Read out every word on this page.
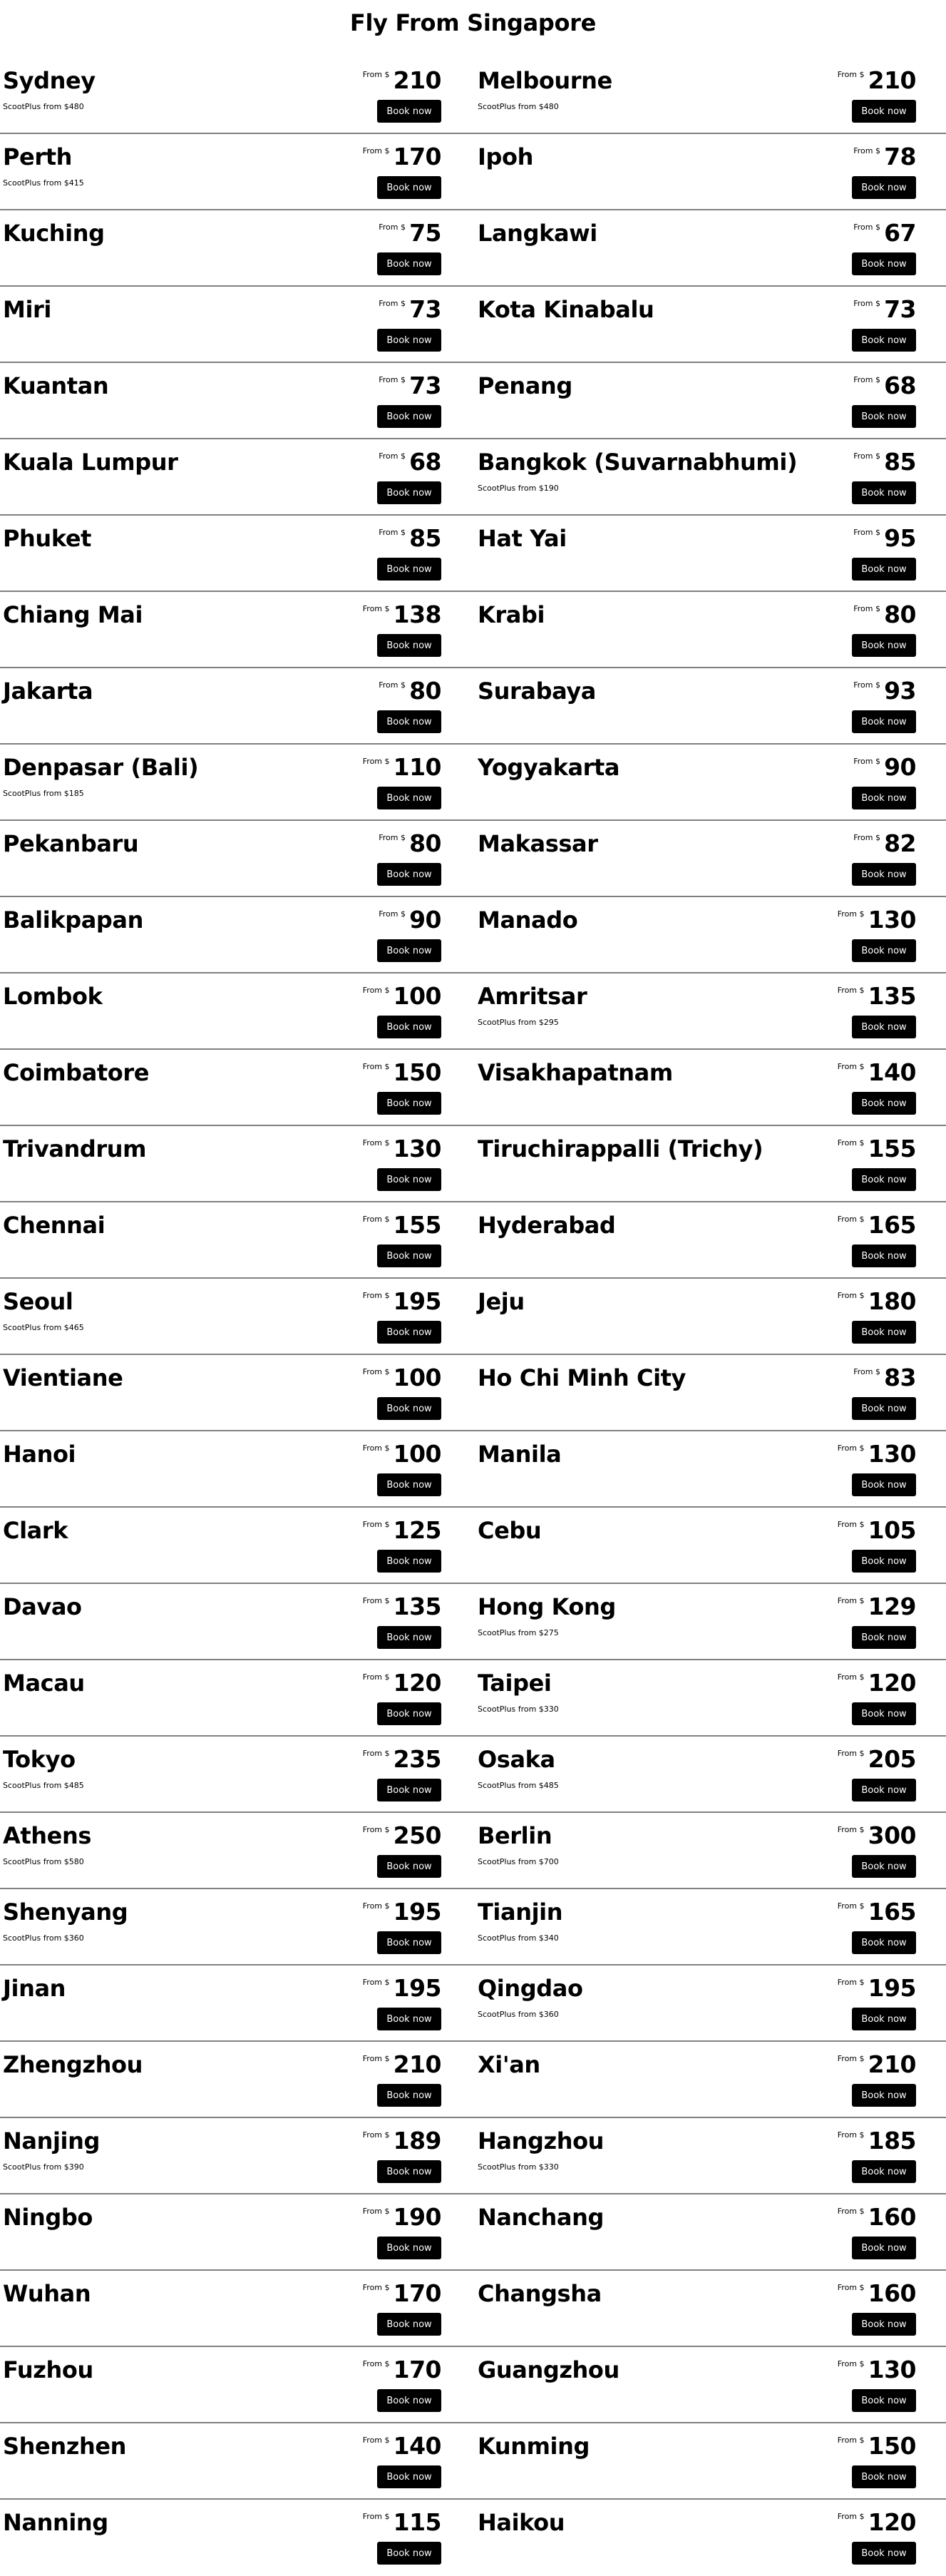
Fly From Singapore
Sydney
ScootPlus from $480
$^{From \$}$ 210
Book now
Melbourne
ScootPlus from $480
$^{From \$}$ 210
Book now
Perth
ScootPlus from $415
$^{From \$}$ 170
Book now
Ipoh	$^{From \$}$ 78
Book now
Kuching	$^{From \$}$ 75
Book now
Langkawi	$^{From \$}$ 67
Book now
Miri	$^{From \$}$ 73
Book now
Kota Kinabalu	$^{From \$}$ 73
Book now
Kuantan	$^{From \$}$ 73
Book now
Penang	$^{From \$}$ 68
Book now
Kuala Lumpur	$^{From \$}$ 68
Book now
Bangkok (Suvarnabhumi)
ScootPlus from $190
$^{From \$}$ 85
Book now
Phuket	$^{From \$}$ 85
Book now
Hat Yai	$^{From \$}$ 95
Book now
Chiang Mai	$^{From \$}$ 138
Book now
Krabi	$^{From \$}$ 80
Book now
Jakarta	$^{From \$}$ 80
Book now
Surabaya	$^{From \$}$ 93
Book now
Denpasar (Bali)
ScootPlus from $185
$^{From \$}$ 110
Book now
Yogyakarta	$^{From \$}$ 90
Book now
Pekanbaru	$^{From \$}$ 80
Book now
Makassar	$^{From \$}$ 82
Book now
Balikpapan	$^{From \$}$ 90
Book now
Manado	$^{From \$}$ 130
Book now
Lombok	$^{From \$}$ 100
Book now
Amritsar
ScootPlus from $295
$^{From \$}$ 135
Book now
Coimbatore	$^{From \$}$ 150
Book now
Visakhapatnam	$^{From \$}$ 140
Book now
Trivandrum	$^{From \$}$ 130
Book now
Tiruchirappalli (Trichy)	$^{From \$}$ 155
Book now
Chennai	$^{From \$}$ 155
Book now
Hyderabad	$^{From \$}$ 165
Book now
Seoul
ScootPlus from $465
$^{From \$}$ 195
Book now
Jeju	$^{From \$}$ 180
Book now
Vientiane	$^{From \$}$ 100
Book now
Ho Chi Minh City	$^{From \$}$ 83
Book now
Hanoi	$^{From \$}$ 100
Book now
Manila	$^{From \$}$ 130
Book now
Clark	$^{From \$}$ 125
Book now
Cebu	$^{From \$}$ 105
Book now
Davao	$^{From \$}$ 135
Book now
Hong Kong
ScootPlus from $275
$^{From \$}$ 129
Book now
Macau	$^{From \$}$ 120
Book now
Taipei
ScootPlus from $330
$^{From \$}$ 120
Book now
Tokyo
ScootPlus from $485
$^{From \$}$ 235
Book now
Osaka
ScootPlus from $485
$^{From \$}$ 205
Book now
Athens
ScootPlus from $580
$^{From \$}$ 250
Book now
Berlin
ScootPlus from $700
$^{From \$}$ 300
Book now
Shenyang
ScootPlus from $360
$^{From \$}$ 195
Book now
Tianjin
ScootPlus from $340
$^{From \$}$ 165
Book now
Jinan	$^{From \$}$ 195
Book now
Qingdao
ScootPlus from $360
$^{From \$}$ 195
Book now
Zhengzhou	$^{From \$}$ 210
Book now
Xi'an	$^{From \$}$ 210
Book now
Nanjing
ScootPlus from $390
$^{From \$}$ 189
Book now
Hangzhou
ScootPlus from $330
$^{From \$}$ 185
Book now
Ningbo	$^{From \$}$ 190
Book now
Nanchang	$^{From \$}$ 160
Book now
Wuhan	$^{From \$}$ 170
Book now
Changsha	$^{From \$}$ 160
Book now
Fuzhou	$^{From \$}$ 170
Book now
Guangzhou	$^{From \$}$ 130
Book now
Shenzhen	$^{From \$}$ 140
Book now
Kunming	$^{From \$}$ 150
Book now
Nanning	$^{From \$}$ 115
Book now
Haikou	$^{From \$}$ 120
Book now
